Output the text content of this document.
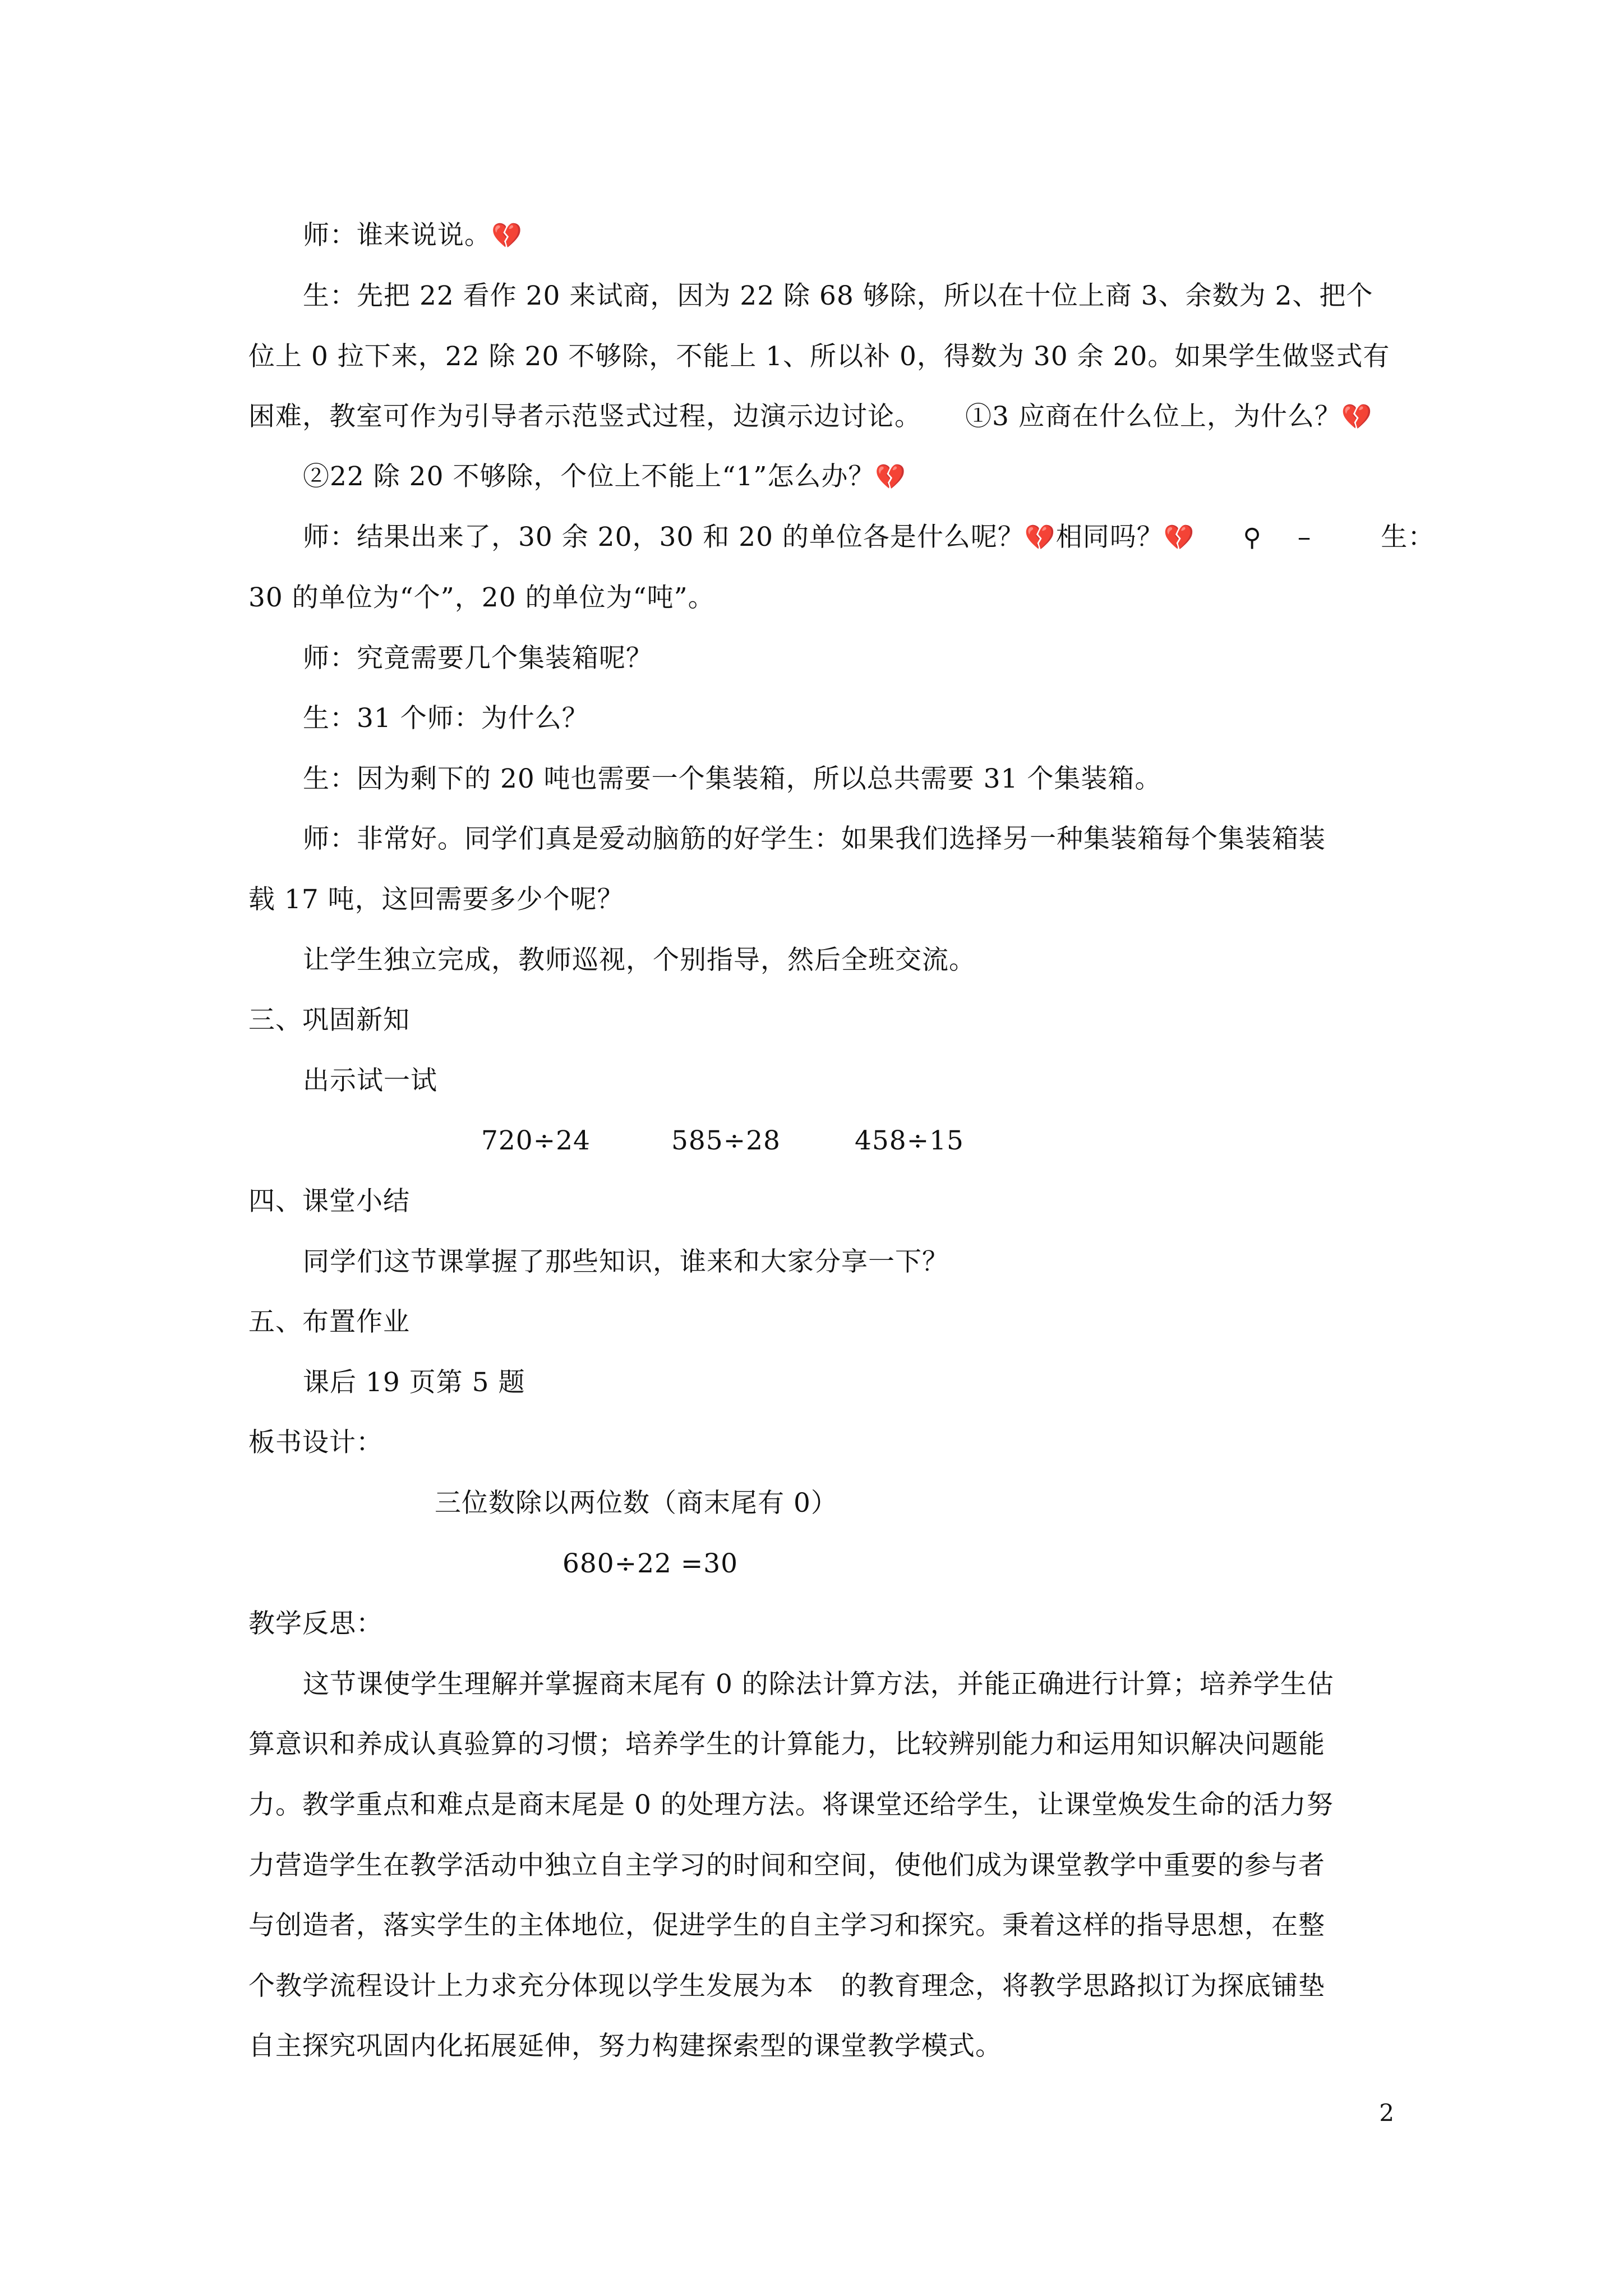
师：谁来说说。💔
生：先把 22 看作 20 来试商，因为 22 除 68 够除，所以在十位上商 3、余数为 2、把个
位上 0 拉下来，22 除 20 不够除，不能上 1、所以补 0，得数为 30 余 20。如果学生做竖式有
困难，教室可作为引导者示范竖式过程，边演示边讨论。 ①3 应商在什么位上，为什么？💔
②22 除 20 不够除，个位上不能上“1”怎么办？💔
师：结果出来了，30 余 20，30 和 20 的单位各是什么呢？💔相同吗？💔 ⚲ –	生：
30 的单位为“个”，20 的单位为“吨”。
师：究竟需要几个集装箱呢？
生：31 个师：为什么？
生：因为剩下的 20 吨也需要一个集装箱，所以总共需要 31 个集装箱。
师：非常好。同学们真是爱动脑筋的好学生：如果我们选择另一种集装箱每个集装箱装
载 17 吨，这回需要多少个呢？
让学生独立完成，教师巡视，个别指导，然后全班交流。
三、巩固新知
出示试一试
720÷24	585÷28	458÷15
四、课堂小结
同学们这节课掌握了那些知识，谁来和大家分享一下？
五、布置作业
课后 19 页第 5 题
板书设计：
三位数除以两位数（商末尾有 0）
680÷22 =30
教学反思：
这节课使学生理解并掌握商末尾有 0 的除法计算方法，并能正确进行计算；培养学生估
算意识和养成认真验算的习惯；培养学生的计算能力，比较辨别能力和运用知识解决问题能
力。教学重点和难点是商末尾是 0 的处理方法。将课堂还给学生，让课堂焕发生命的活力努
力营造学生在教学活动中独立自主学习的时间和空间，使他们成为课堂教学中重要的参与者
与创造者，落实学生的主体地位，促进学生的自主学习和探究。秉着这样的指导思想，在整
个教学流程设计上力求充分体现以学生发展为本　的教育理念，将教学思路拟订为探底铺垫
自主探究巩固内化拓展延伸，努力构建探索型的课堂教学模式。
2
